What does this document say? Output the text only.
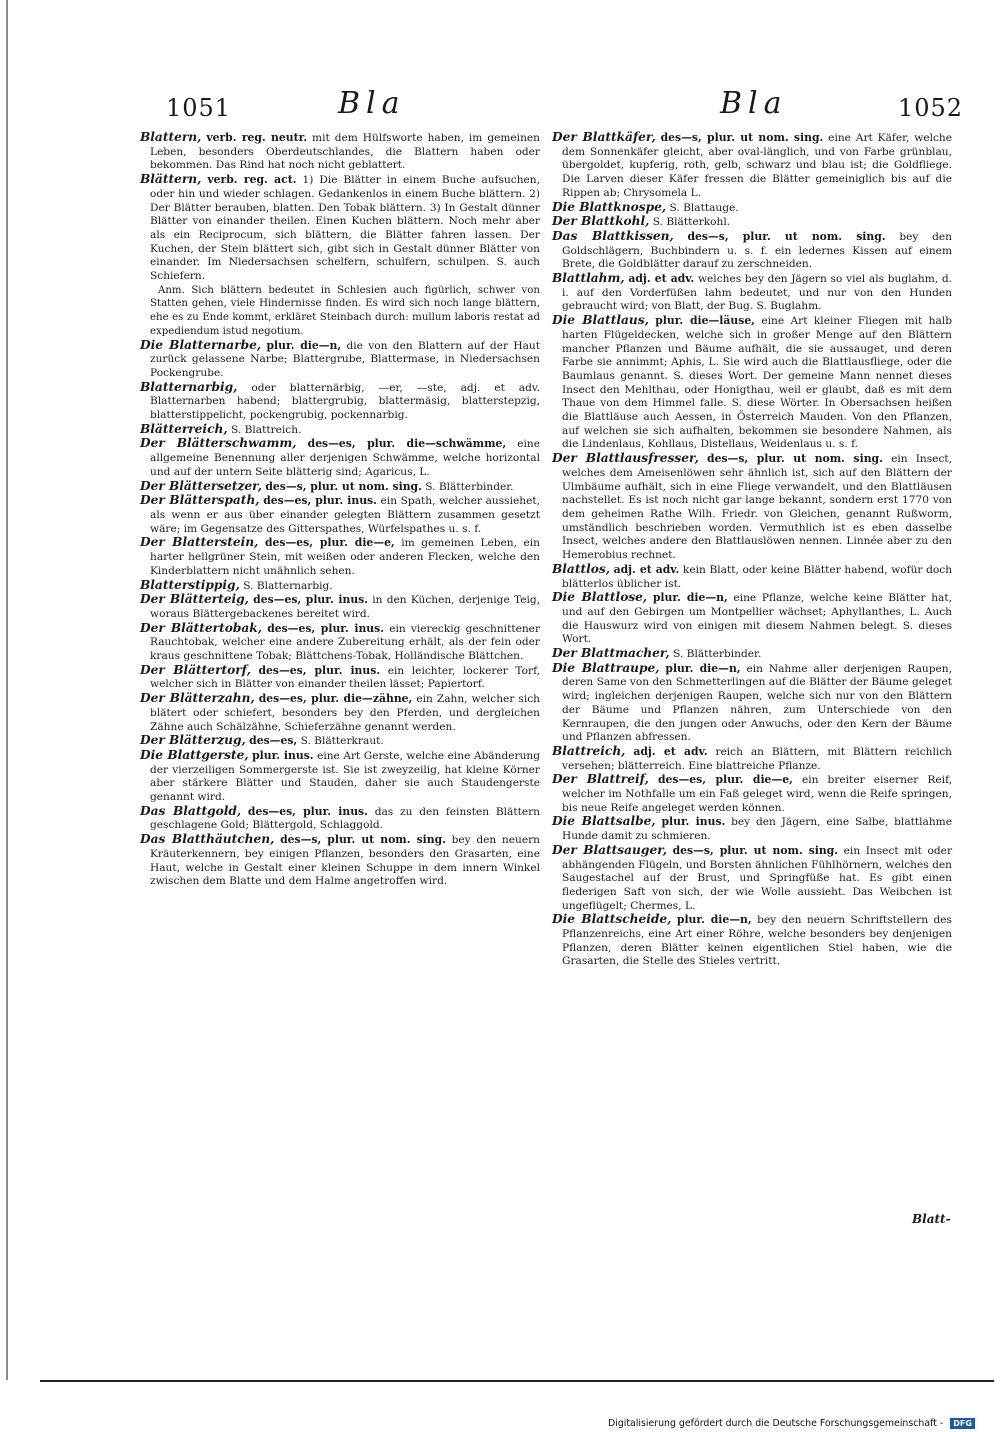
1051	Bla	Bla	1052

Blattern, verb. reg. neutr. mit dem Hülfsworte haben, im gemeinen Leben, besonders Oberdeutschlandes, die Blattern haben oder bekommen. Das Rind hat noch nicht geblattert.

Blättern, verb. reg. act. 1) Die Blätter in einem Buche aufsuchen, oder hin und wieder schlagen. Gedankenlos in einem Buche blättern. 2) Der Blätter berauben, blatten. Den Tobak blättern. 3) In Gestalt dünner Blätter von einander theilen. Einen Kuchen blättern. Noch mehr aber als ein Reciprocum, sich blättern, die Blätter fahren lassen. Der Kuchen, der Stein blättert sich, gibt sich in Gestalt dünner Blätter von einander. Im Niedersachsen schelfern, schulfern, schulpen. S. auch Schiefern.

Anm. Sich blättern bedeutet in Schlesien auch figürlich, schwer von Statten gehen, viele Hindernisse finden. Es wird sich noch lange blättern, ehe es zu Ende kommt, erkläret Steinbach durch: mullum laboris restat ad expediendum istud negotium.

Die Blatternarbe, plur. die—n, die von den Blattern auf der Haut zurück gelassene Narbe; Blattergrube, Blattermase, in Niedersachsen Pockengrube.

Blatternarbig, oder blatternärbig, —er, —ste, adj. et adv. Blatternarben habend; blattergrubig, blattermäsig, blatterstepzig, blatterstippelicht, pockengrubig, pockennarbig.

Blätterreich, S. Blattreich.

Der Blätterschwamm, des—es, plur. die—schwämme, eine allgemeine Benennung aller derjenigen Schwämme, welche horizontal und auf der untern Seite blätterig sind; Agaricus, L.

Der Blättersetzer, des—s, plur. ut nom. sing. S. Blätterbinder.

Der Blätterspath, des—es, plur. inus. ein Spath, welcher aussiehet, als wenn er aus über einander gelegten Blättern zusammen gesetzt wäre; im Gegensatze des Gitterspathes, Würfelspathes u. s. f.

Der Blatterstein, des—es, plur. die—e, im gemeinen Leben, ein harter hellgrüner Stein, mit weißen oder anderen Flecken, welche den Kinderblattern nicht unähnlich sehen.

Blatterstippig, S. Blatternarbig.

Der Blätterteig, des—es, plur. inus. in den Küchen, derjenige Teig, woraus Blättergebackenes bereitet wird.

Der Blättertobak, des—es, plur. inus. ein viereckig geschnittener Rauchtobak, welcher eine andere Zubereitung erhält, als der fein oder kraus geschnittene Tobak; Blättchens-Tobak, Holländische Blättchen.

Der Blättertorf, des—es, plur. inus. ein leichter, lockerer Torf, welcher sich in Blätter von einander theilen lässet; Papiertorf.

Der Blätterzahn, des—es, plur. die—zähne, ein Zahn, welcher sich blätert oder schiefert, besonders bey den Pferden, und dergleichen Zähne auch Schälzähne, Schieferzähne genannt werden.

Der Blätterzug, des—es, S. Blätterkraut.

Die Blattgerste, plur. inus. eine Art Gerste, welche eine Abänderung der vierzeiligen Sommergerste ist. Sie ist zweyzeilig, hat kleine Körner aber stärkere Blätter und Stauden, daher sie auch Staudengerste genannt wird.

Das Blattgold, des—es, plur. inus. das zu den feinsten Blättern geschlagene Gold; Blättergold, Schlaggold.

Das Blatthäutchen, des—s, plur. ut nom. sing. bey den neuern Kräuterkennern, bey einigen Pflanzen, besonders den Grasarten, eine Haut, welche in Gestalt einer kleinen Schuppe in dem innern Winkel zwischen dem Blatte und dem Halme angetroffen wird.

Der Blattkäfer, des—s, plur. ut nom. sing. eine Art Käfer, welche dem Sonnenkäfer gleicht, aber oval-länglich, und von Farbe grünblau, übergoldet, kupferig, roth, gelb, schwarz und blau ist; die Goldfliege. Die Larven dieser Käfer fressen die Blätter gemeiniglich bis auf die Rippen ab; Chrysomela L.

Die Blattknospe, S. Blattauge.

Der Blattkohl, S. Blätterkohl.

Das Blattkissen, des—s, plur. ut nom. sing. bey den Goldschlägern, Buchbindern u. s. f. ein ledernes Kissen auf einem Brete, die Goldblätter darauf zu zerschneiden.

Blattlahm, adj. et adv. welches bey den Jägern so viel als buglahm, d. i. auf den Vorderfüßen lahm bedeutet, und nur von den Hunden gebraucht wird; von Blatt, der Bug. S. Buglahm.

Die Blattlaus, plur. die—läuse, eine Art kleiner Fliegen mit halb harten Flügeldecken, welche sich in großer Menge auf den Blättern mancher Pflanzen und Bäume aufhält, die sie aussauget, und deren Farbe sie annimmt; Aphis, L. Sie wird auch die Blattlausfliege, oder die Baumlaus genannt. S. dieses Wort. Der gemeine Mann nennet dieses Insect den Mehlthau, oder Honigthau, weil er glaubt, daß es mit dem Thaue von dem Himmel falle. S. diese Wörter. In Obersachsen heißen die Blattläuse auch Aessen, in Österreich Mauden. Von den Pflanzen, auf welchen sie sich aufhalten, bekommen sie besondere Nahmen, als die Lindenlaus, Kohllaus, Distellaus, Weidenlaus u. s. f.

Der Blattlausfresser, des—s, plur. ut nom. sing. ein Insect, welches dem Ameisenlöwen sehr ähnlich ist, sich auf den Blättern der Ulmbäume aufhält, sich in eine Fliege verwandelt, und den Blattläusen nachstellet. Es ist noch nicht gar lange bekannt, sondern erst 1770 von dem geheimen Rathe Wilh. Friedr. von Gleichen, genannt Rußworm, umständlich beschrieben worden. Vermuthlich ist es eben dasselbe Insect, welches andere den Blattlauslöwen nennen. Linnée aber zu den Hemerobius rechnet.

Blattlos, adj. et adv. kein Blatt, oder keine Blätter habend, wofür doch blätterlos üblicher ist.

Die Blattlose, plur. die—n, eine Pflanze, welche keine Blätter hat, und auf den Gebirgen um Montpellier wächset; Aphyllanthes, L. Auch die Hauswurz wird von einigen mit diesem Nahmen belegt. S. dieses Wort.

Der Blattmacher, S. Blätterbinder.

Die Blattraupe, plur. die—n, ein Nahme aller derjenigen Raupen, deren Same von den Schmetterlingen auf die Blätter der Bäume geleget wird; ingleichen derjenigen Raupen, welche sich nur von den Blättern der Bäume und Pflanzen nähren, zum Unterschiede von den Kernraupen, die den jungen oder Anwuchs, oder den Kern der Bäume und Pflanzen abfressen.

Blattreich, adj. et adv. reich an Blättern, mit Blättern reichlich versehen; blätterreich. Eine blattreiche Pflanze.

Der Blattreif, des—es, plur. die—e, ein breiter eiserner Reif, welcher im Nothfalle um ein Faß geleget wird, wenn die Reife springen, bis neue Reife angeleget werden können.

Die Blattsalbe, plur. inus. bey den Jägern, eine Salbe, blattlahme Hunde damit zu schmieren.

Der Blattsauger, des—s, plur. ut nom. sing. ein Insect mit oder abhängenden Flügeln, und Borsten ähnlichen Fühlhörnern, welches den Saugestachel auf der Brust, und Springfüße hat. Es gibt einen flederigen Saft von sich, der wie Wolle aussieht. Das Weibchen ist ungeflügelt; Chermes, L.

Die Blattscheide, plur. die—n, bey den neuern Schriftstellern des Pflanzenreichs, eine Art einer Röhre, welche besonders bey denjenigen Pflanzen, deren Blätter keinen eigentlichen Stiel haben, wie die Grasarten, die Stelle des Stieles vertritt.

Blatt-
Digitalisierung gefördert durch die Deutsche Forschungsgemeinschaft - DFG
